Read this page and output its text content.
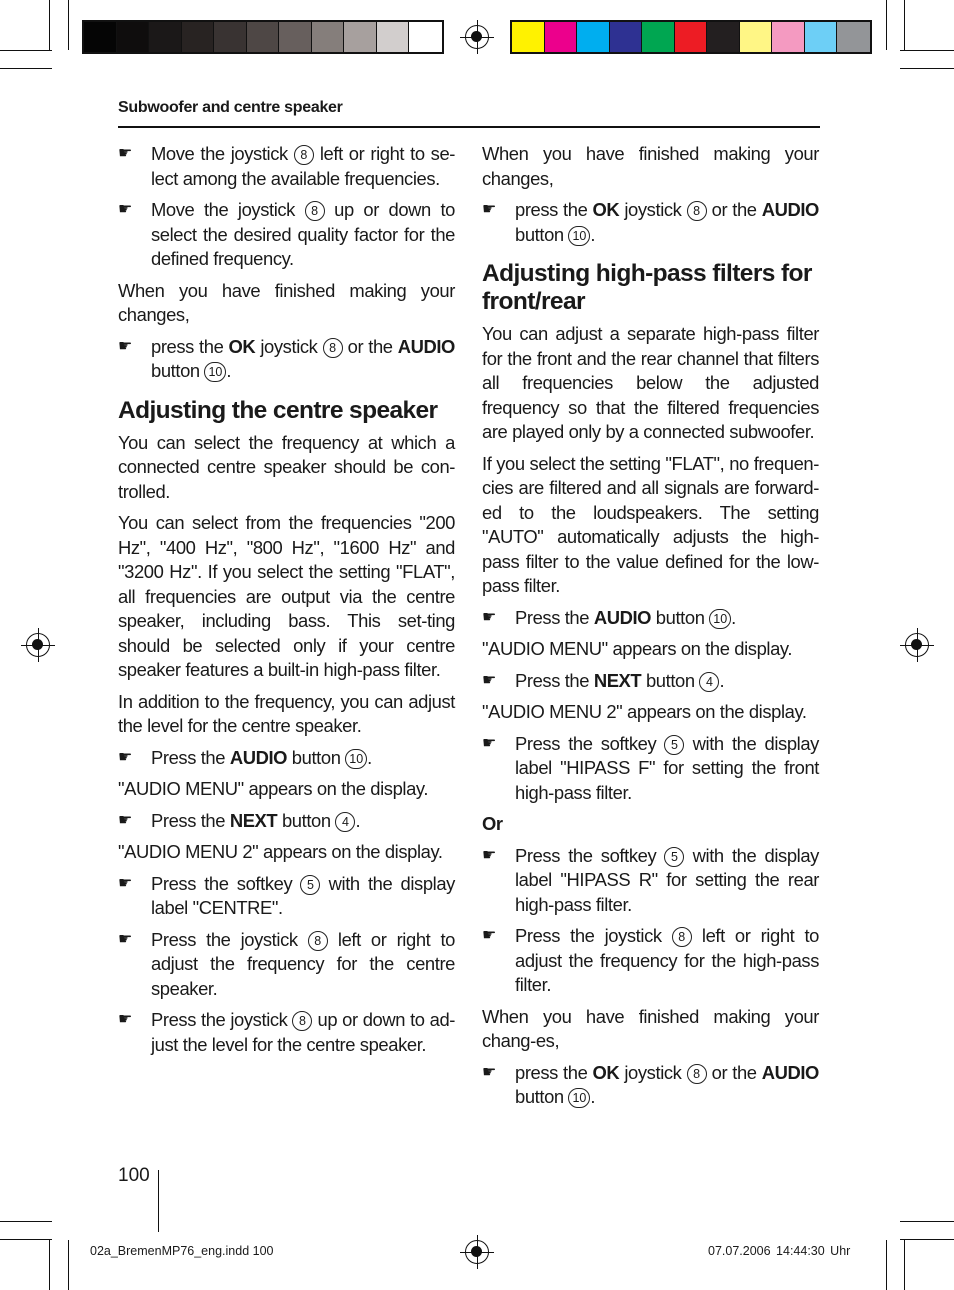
Subwoofer and centre speaker
☛ Move the joystick 8 left or right to se-lect among the available frequencies.
☛ Move the joystick 8 up or down to select the desired quality factor for the defined frequency.

When you have finished making your changes,

☛ press the OK joystick 8 or the AUDIO button 10 .
Adjusting the centre speaker

You can select the frequency at which a connected centre speaker should be con-trolled.

You can select from the frequencies "200 Hz", "400 Hz", "800 Hz", "1600 Hz" and "3200 Hz". If you select the setting "FLAT", all frequencies are output via the centre speaker, including bass. This set-ting should be selected only if your centre speaker features a built-in high-pass filter.

In addition to the frequency, you can adjust the level for the centre speaker.

☛ Press the AUDIO button 10 .

"AUDIO MENU" appears on the display.

☛ Press the NEXT button 4 .

"AUDIO MENU 2" appears on the display.

☛ Press the softkey 5 with the display label "CENTRE".
☛ Press the joystick 8 left or right to adjust the frequency for the centre speaker.
☛ Press the joystick 8 up or down to ad-just the level for the centre speaker.

When you have finished making your changes,

☛ press the OK joystick 8 or the AUDIO button 10 .
Adjusting high-pass filters for front/rear

You can adjust a separate high-pass filter for the front and the rear channel that filters all frequencies below the adjusted frequency so that the filtered frequencies are played only by a connected subwoofer.

If you select the setting "FLAT", no frequen-cies are filtered and all signals are forward-ed to the loudspeakers. The setting "AUTO" automatically adjusts the high-pass filter to the value defined for the low-pass filter.

☛ Press the AUDIO button 10 .

"AUDIO MENU" appears on the display.

☛ Press the NEXT button 4 .

"AUDIO MENU 2" appears on the display.

☛ Press the softkey 5 with the display label "HIPASS F" for setting the front high-pass filter.
Or
☛ Press the softkey 5 with the display label "HIPASS R" for setting the rear high-pass filter.
☛ Press the joystick 8 left or right to adjust the frequency for the high-pass filter.

When you have finished making your chang-es,

☛ press the OK joystick 8 or the AUDIO button 10 .
100
02a_BremenMP76_eng.indd 100	07.07.2006 14:44:30 Uhr
